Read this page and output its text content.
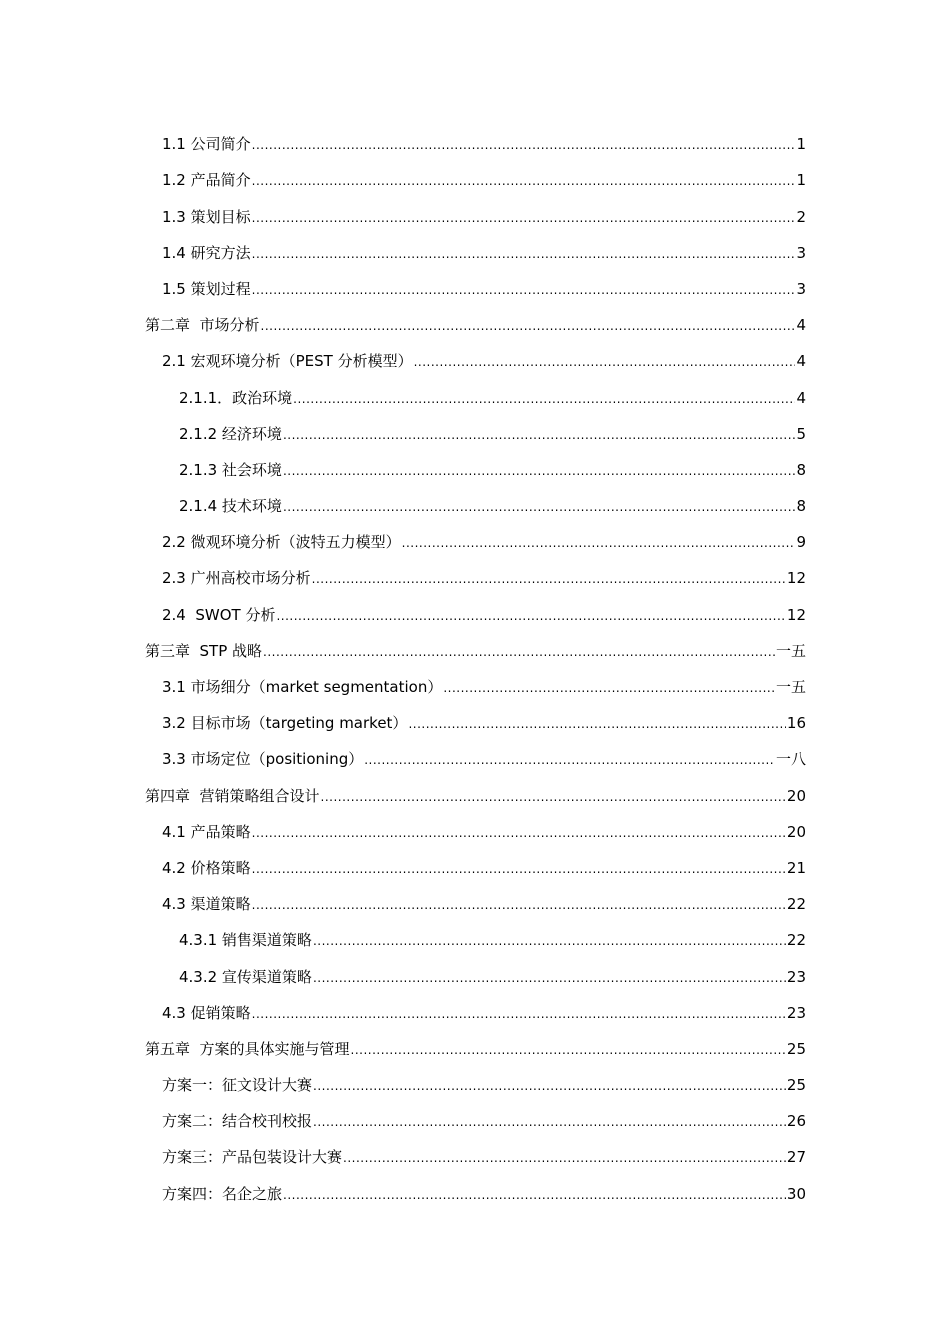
1.1 公司简介 .....	1
1.2 产品简介 .....	1
1.3 策划目标 .....	2
1.4 研究方法 .....	3
1.5 策划过程 .....	3
第二章  市场分析 .....	4
2.1 宏观环境分析（PEST 分析模型） .....	4
2.1.1．政治环境 .....	4
2.1.2 经济环境 .....	5
2.1.3 社会环境 .....	8
2.1.4 技术环境 .....	8
2.2 微观环境分析（波特五力模型） .....	9
2.3 广州高校市场分析 .....	12
2.4  SWOT 分析 .....	12
第三章  STP 战略 .....	一五
3.1 市场细分（market segmentation） .....	一五
3.2 目标市场（targeting market） .....	16
3.3 市场定位（positioning） .....	一八
第四章  营销策略组合设计 .....	20
4.1 产品策略 .....	20
4.2 价格策略 .....	21
4.3 渠道策略 .....	22
4.3.1 销售渠道策略 .....	22
4.3.2 宣传渠道策略 .....	23
4.3 促销策略 .....	23
第五章  方案的具体实施与管理 .....	25
方案一：征文设计大赛 .....	25
方案二：结合校刊校报 .....	26
方案三：产品包装设计大赛 .....	27
方案四：名企之旅 .....	30
